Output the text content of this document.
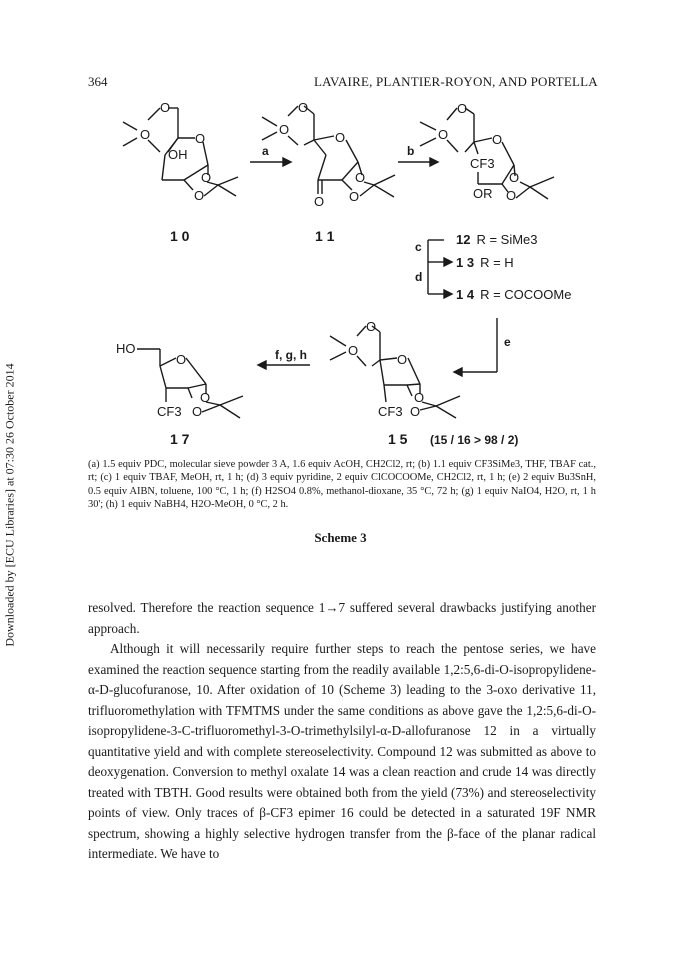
364	LAVAIRE, PLANTIER-ROYON, AND PORTELLA
Downloaded by [ECU Libraries] at 07:30 26 October 2014
O
O
OH
O
O
O
O
O
O
O
O O
O
O
O
CF3
O
OR O
O
O
O
O
CF3 O
HO
O
O
CF3 O
a	b
c
d
e
f, g, h
1 0	1 1
1 5
1 7
12 R = SiMe3
1 3 R = H
1 4 R = COCOOMe
(15 / 16 > 98 / 2)
(a) 1.5 equiv PDC, molecular sieve powder 3 A, 1.6 equiv AcOH, CH2Cl2, rt; (b) 1.1 equiv CF3SiMe3, THF, TBAF cat., rt; (c) 1 equiv TBAF, MeOH, rt, 1 h; (d) 3 equiv pyridine, 2 equiv ClCOCOOMe, CH2Cl2, rt, 1 h; (e) 2 equiv Bu3SnH, 0.5 equiv AIBN, toluene, 100 °C, 1 h; (f) H2SO4 0.8%, methanol-dioxane, 35 °C, 72 h; (g) 1 equiv NaIO4, H2O, rt, 1 h 30'; (h) 1 equiv NaBH4, H2O-MeOH, 0 °C, 2 h.
Scheme 3

resolved. Therefore the reaction sequence 1→7 suffered several drawbacks justifying another approach.

Although it will necessarily require further steps to reach the pentose series, we have examined the reaction sequence starting from the readily available 1,2:5,6-di-O-isopropylidene-α-D-glucofuranose, 10. After oxidation of 10 (Scheme 3) leading to the 3-oxo derivative 11, trifluoromethylation with TFMTMS under the same conditions as above gave the 1,2:5,6-di-O-isopropylidene-3-C-trifluoromethyl-3-O-trimethylsilyl-α-D-allofuranose 12 in a virtually quantitative yield and with complete stereoselectivity. Compound 12 was submitted as above to deoxygenation. Conversion to methyl oxalate 14 was a clean reaction and crude 14 was directly treated with TBTH. Good results were obtained both from the yield (73%) and stereoselectivity points of view. Only traces of β-CF3 epimer 16 could be detected in a saturated 19F NMR spectrum, showing a highly selective hydrogen transfer from the β-face of the planar radical intermediate. We have to
